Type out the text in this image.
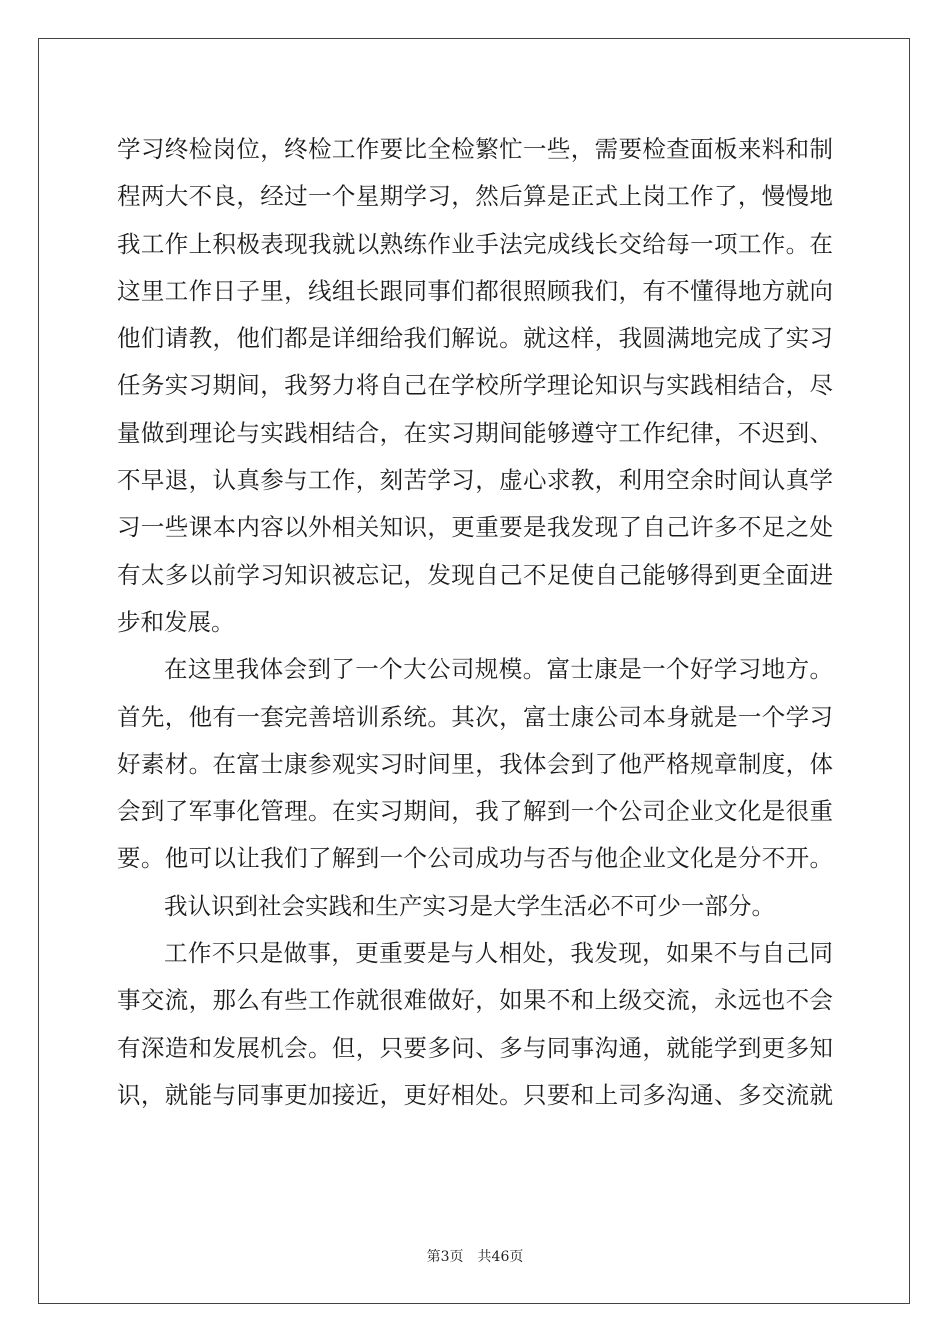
学习终检岗位，终检工作要比全检繁忙一些，需要检查面板来料和制
程两大不良，经过一个星期学习，然后算是正式上岗工作了，慢慢地
我工作上积极表现我就以熟练作业手法完成线长交给每一项工作。在
这里工作日子里，线组长跟同事们都很照顾我们，有不懂得地方就向
他们请教，他们都是详细给我们解说。就这样，我圆满地完成了实习
任务实习期间，我努力将自己在学校所学理论知识与实践相结合，尽
量做到理论与实践相结合，在实习期间能够遵守工作纪律，不迟到、
不早退，认真参与工作，刻苦学习，虚心求教，利用空余时间认真学
习一些课本内容以外相关知识，更重要是我发现了自己许多不足之处
有太多以前学习知识被忘记，发现自己不足使自己能够得到更全面进
步和发展。
在这里我体会到了一个大公司规模。富士康是一个好学习地方。
首先，他有一套完善培训系统。其次，富士康公司本身就是一个学习
好素材。在富士康参观实习时间里，我体会到了他严格规章制度，体
会到了军事化管理。在实习期间，我了解到一个公司企业文化是很重
要。他可以让我们了解到一个公司成功与否与他企业文化是分不开。
我认识到社会实践和生产实习是大学生活必不可少一部分。
工作不只是做事，更重要是与人相处，我发现，如果不与自己同
事交流，那么有些工作就很难做好，如果不和上级交流，永远也不会
有深造和发展机会。但，只要多问、多与同事沟通，就能学到更多知
识，就能与同事更加接近，更好相处。只要和上司多沟通、多交流就
第3页 共46页
